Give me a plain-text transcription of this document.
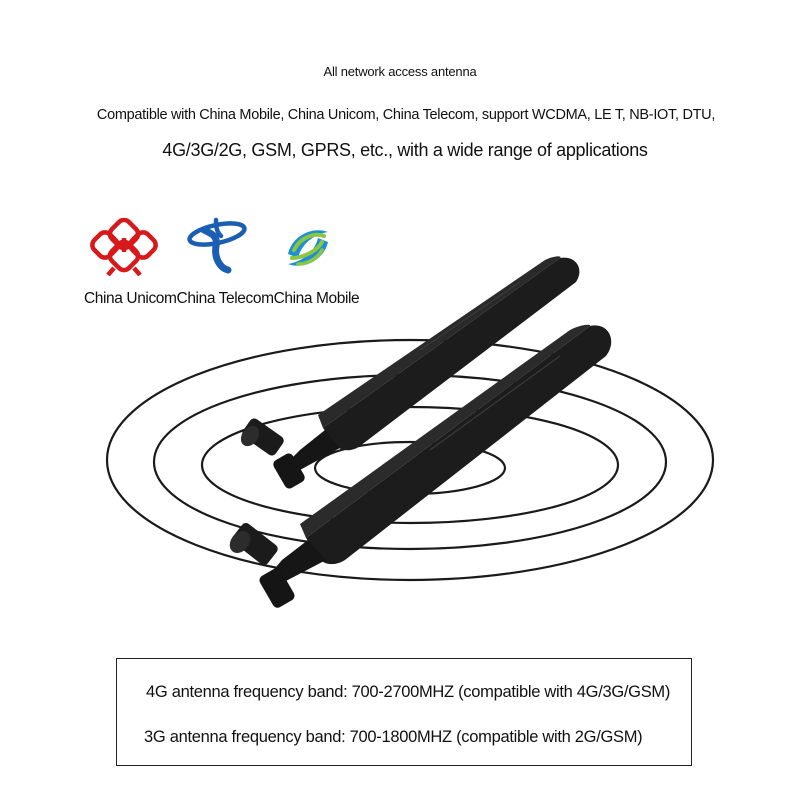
All network access antenna
Compatible with China Mobile, China Unicom, China Telecom, support WCDMA, LE T, NB-IOT, DTU,
4G/3G/2G, GSM, GPRS, etc., with a wide range of applications
China UnicomChina TelecomChina Mobile
4G antenna frequency band: 700-2700MHZ (compatible with 4G/3G/GSM)
3G antenna frequency band: 700-1800MHZ (compatible with 2G/GSM)
